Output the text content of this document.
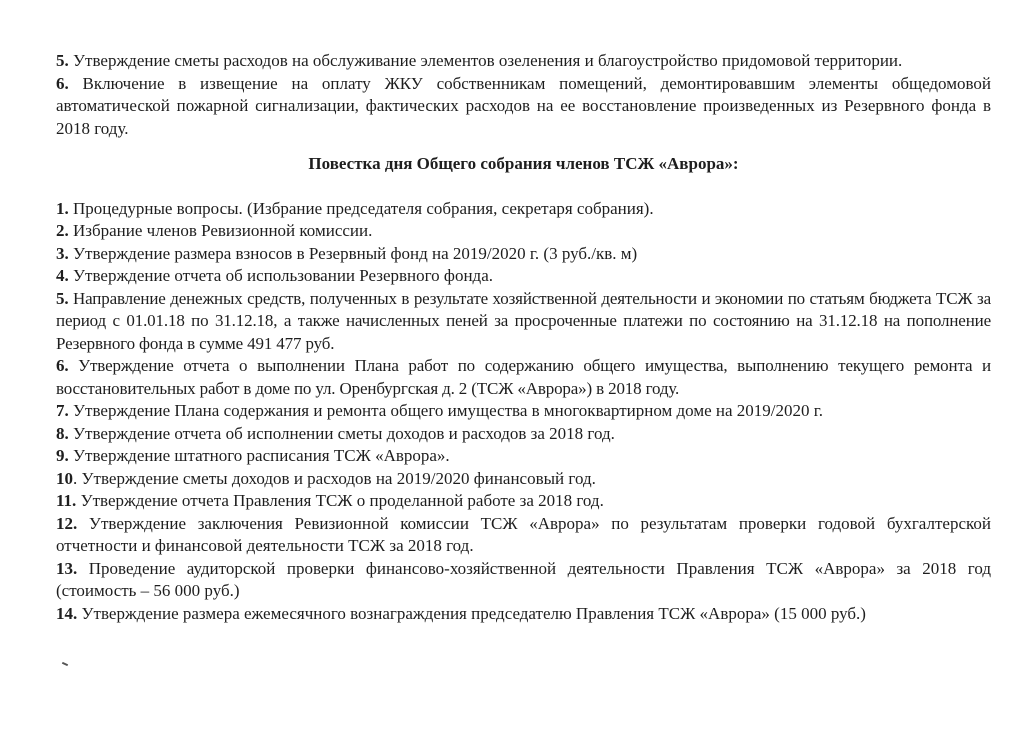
5. Утверждение сметы расходов на обслуживание элементов озеленения и благоустройство придомовой территории.

6. Включение в извещение на оплату ЖКУ собственникам помещений, демонтировавшим элементы общедомовой автоматической пожарной сигнализации, фактических расходов на ее восстановление произведенных из Резервного фонда в 2018 году.

Повестка дня Общего собрания членов ТСЖ «Аврора»:

1. Процедурные вопросы. (Избрание председателя собрания, секретаря собрания).

2. Избрание членов Ревизионной комиссии.

3. Утверждение размера взносов в Резервный фонд на 2019/2020 г. (3 руб./кв. м)

4. Утверждение отчета об использовании Резервного фонда.

5. Направление денежных средств, полученных в результате хозяйственной деятельности и экономии по статьям бюджета ТСЖ за период с 01.01.18 по 31.12.18, а также начисленных пеней за просроченные платежи по состоянию на 31.12.18 на пополнение Резервного фонда в сумме 491 477 руб.

6. Утверждение отчета о выполнении Плана работ по содержанию общего имущества, выполнению текущего ремонта и восстановительных работ в доме по ул. Оренбургская д. 2 (ТСЖ «Аврора») в 2018 году.

7. Утверждение Плана содержания и ремонта общего имущества в многоквартирном доме на 2019/2020 г.

8. Утверждение отчета об исполнении сметы доходов и расходов за 2018 год.

9. Утверждение штатного расписания ТСЖ «Аврора».

10. Утверждение сметы доходов и расходов на 2019/2020 финансовый год.

11. Утверждение отчета Правления ТСЖ о проделанной работе за 2018 год.

12. Утверждение заключения Ревизионной комиссии ТСЖ «Аврора» по результатам проверки годовой бухгалтерской отчетности и финансовой деятельности ТСЖ за 2018 год.

13. Проведение аудиторской проверки финансово-хозяйственной деятельности Правления ТСЖ «Аврора» за 2018 год (стоимость – 56 000 руб.)

14. Утверждение размера ежемесячного вознаграждения председателю Правления ТСЖ «Аврора» (15 000 руб.)
